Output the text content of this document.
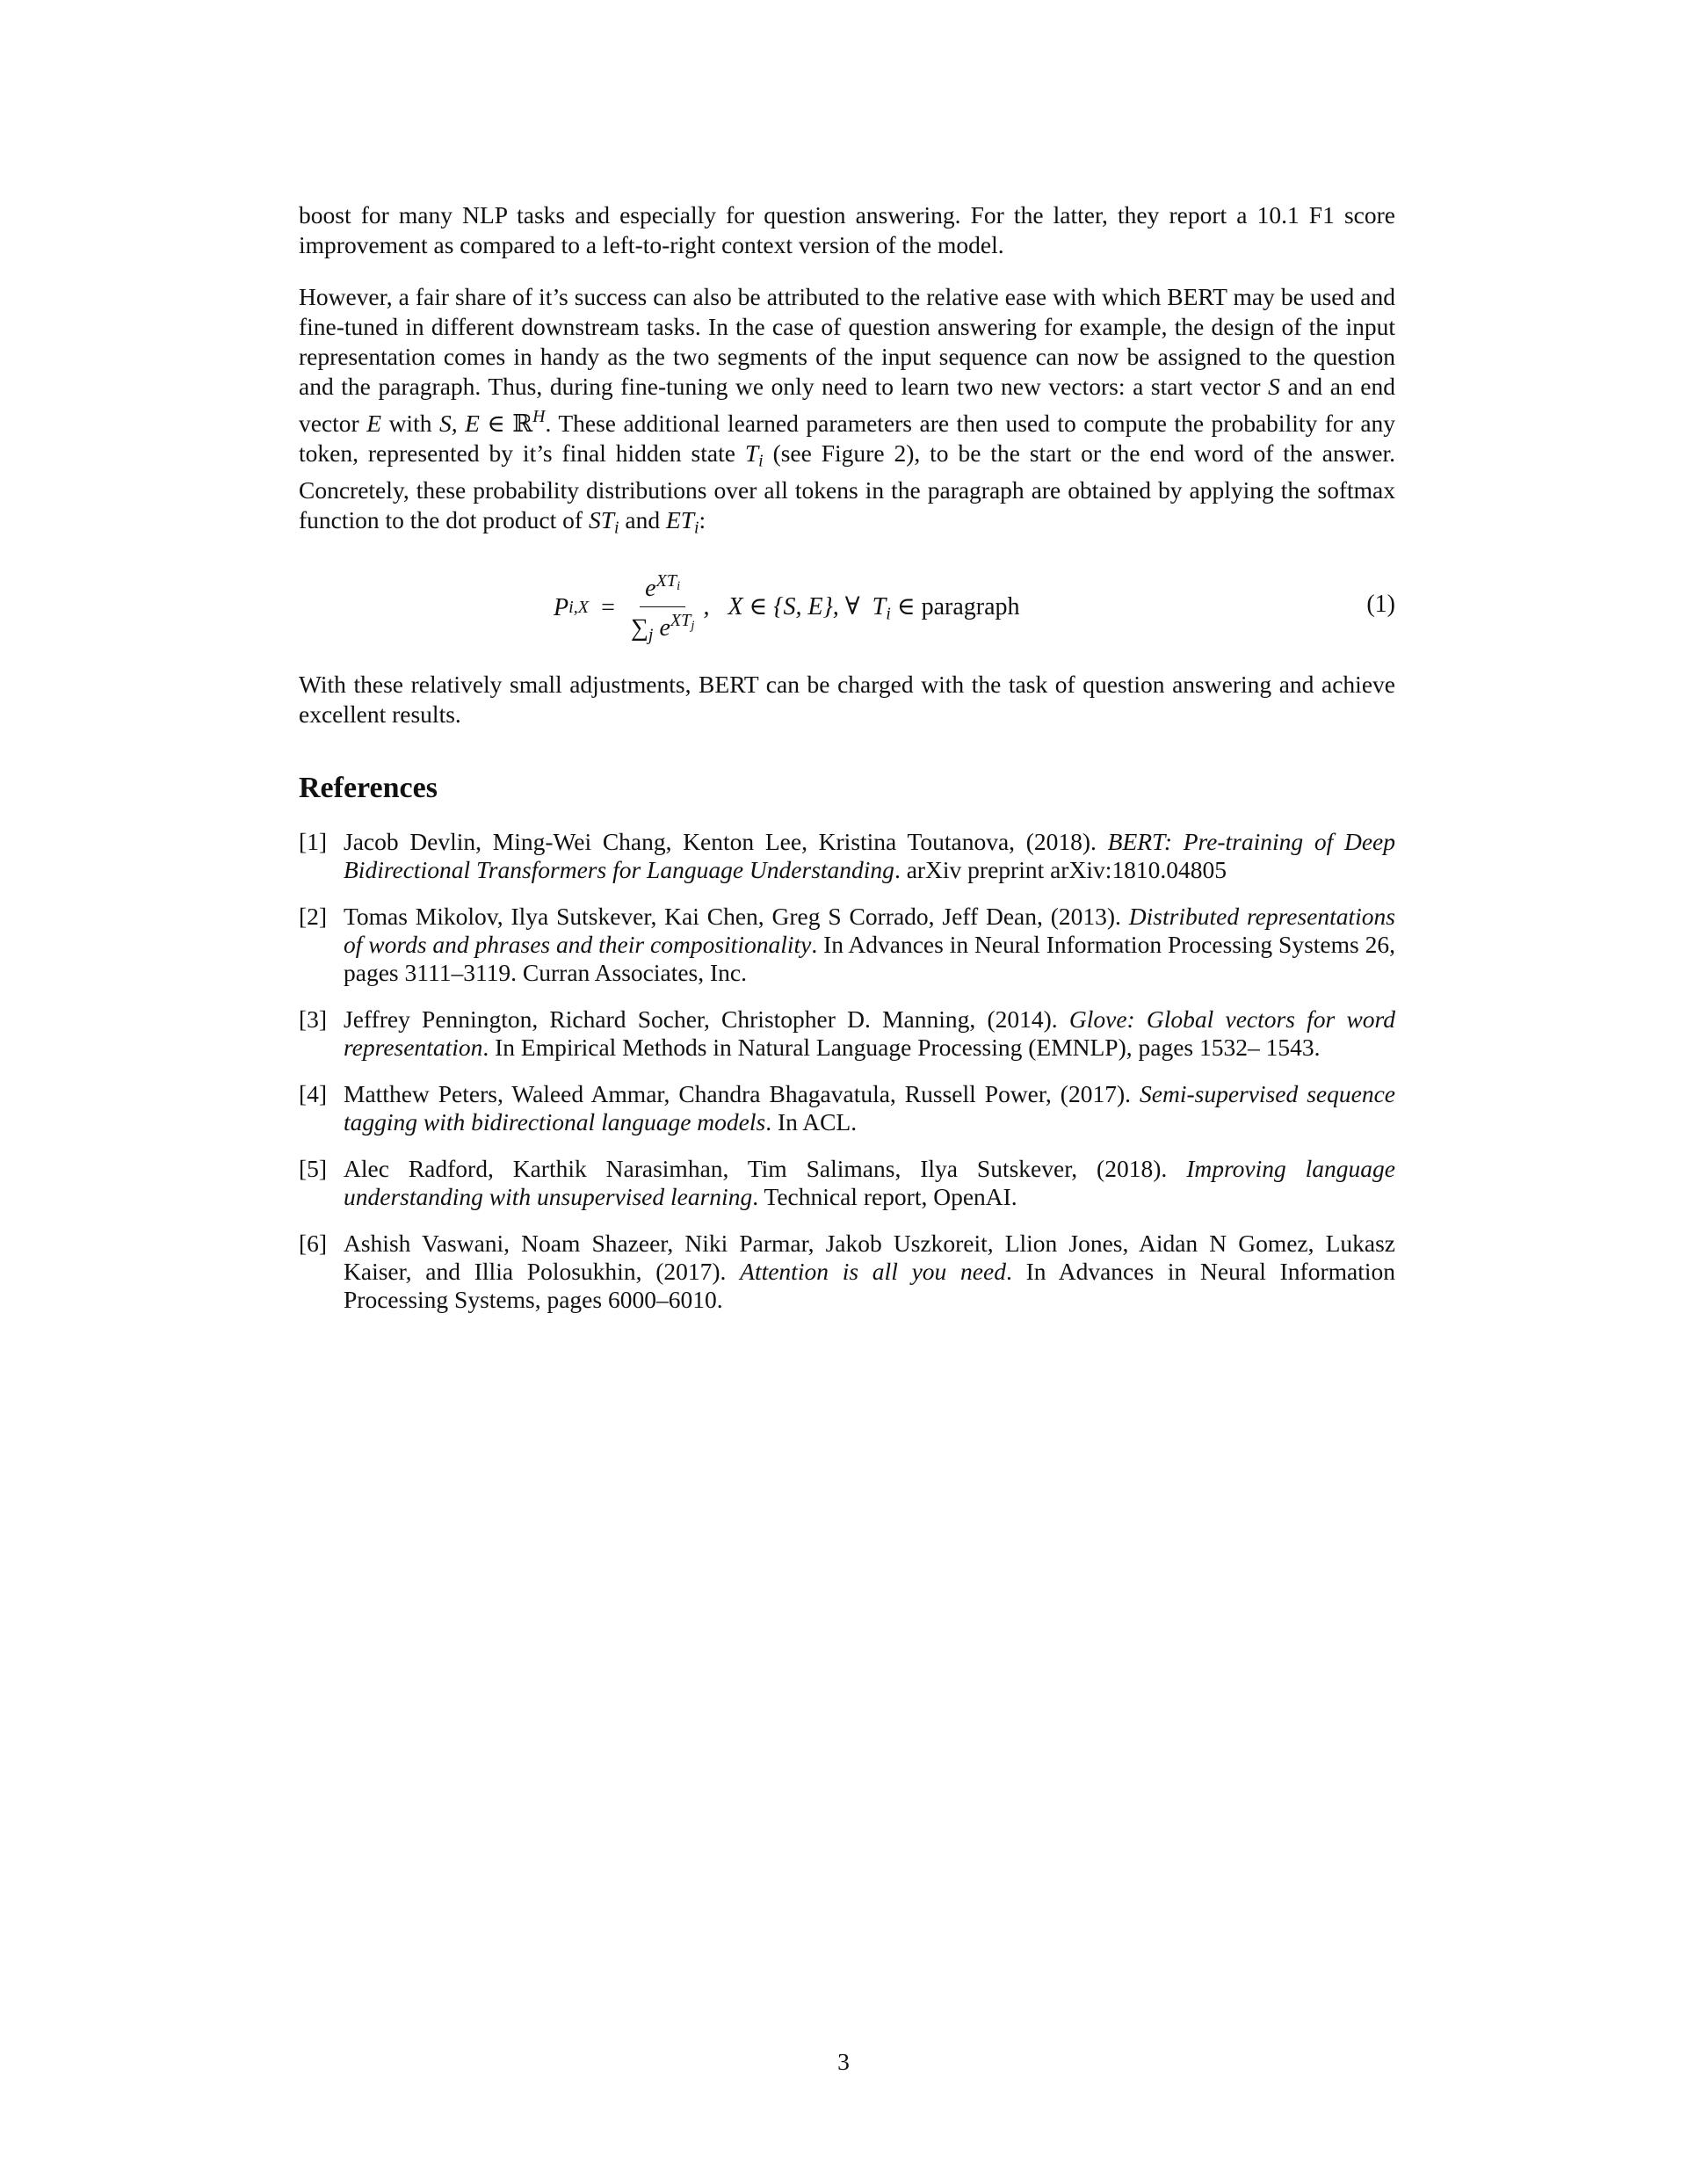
boost for many NLP tasks and especially for question answering. For the latter, they report a 10.1 F1 score improvement as compared to a left-to-right context version of the model.

However, a fair share of it’s success can also be attributed to the relative ease with which BERT may be used and fine-tuned in different downstream tasks. In the case of question answering for example, the design of the input representation comes in handy as the two segments of the input sequence can now be assigned to the question and the paragraph. Thus, during fine-tuning we only need to learn two new vectors: a start vector S and an end vector E with S, E ∈ ℝ$^H$. These additional learned parameters are then used to compute the probability for any token, represented by it’s final hidden state $T_i$ (see Figure 2), to be the start or the end word of the answer. Concretely, these probability distributions over all tokens in the paragraph are obtained by applying the softmax function to the dot product of $ST_i$ and $ET_i$:

P $i,X = \frac{e^{XT_i}}{\sum_j e^{XT_j}}$ ,  X ∈ {S, E}, ∀ $T_i$ ∈ paragraph	(1)

With these relatively small adjustments, BERT can be charged with the task of question answering and achieve excellent results.

References
[1] Jacob Devlin, Ming-Wei Chang, Kenton Lee, Kristina Toutanova, (2018). BERT: Pre-training of Deep Bidirectional Transformers for Language Understanding. arXiv preprint arXiv:1810.04805
[2] Tomas Mikolov, Ilya Sutskever, Kai Chen, Greg S Corrado, Jeff Dean, (2013). Distributed representations of words and phrases and their compositionality. In Advances in Neural Information Processing Systems 26, pages 3111–3119. Curran Associates, Inc.
[3] Jeffrey Pennington, Richard Socher, Christopher D. Manning, (2014). Glove: Global vectors for word representation. In Empirical Methods in Natural Language Processing (EMNLP), pages 1532– 1543.
[4] Matthew Peters, Waleed Ammar, Chandra Bhagavatula, Russell Power, (2017). Semi-supervised sequence tagging with bidirectional language models. In ACL.
[5] Alec Radford, Karthik Narasimhan, Tim Salimans, Ilya Sutskever, (2018). Improving language understanding with unsupervised learning. Technical report, OpenAI.
[6] Ashish Vaswani, Noam Shazeer, Niki Parmar, Jakob Uszkoreit, Llion Jones, Aidan N Gomez, Lukasz Kaiser, and Illia Polosukhin, (2017). Attention is all you need. In Advances in Neural Information Processing Systems, pages 6000–6010.
3
